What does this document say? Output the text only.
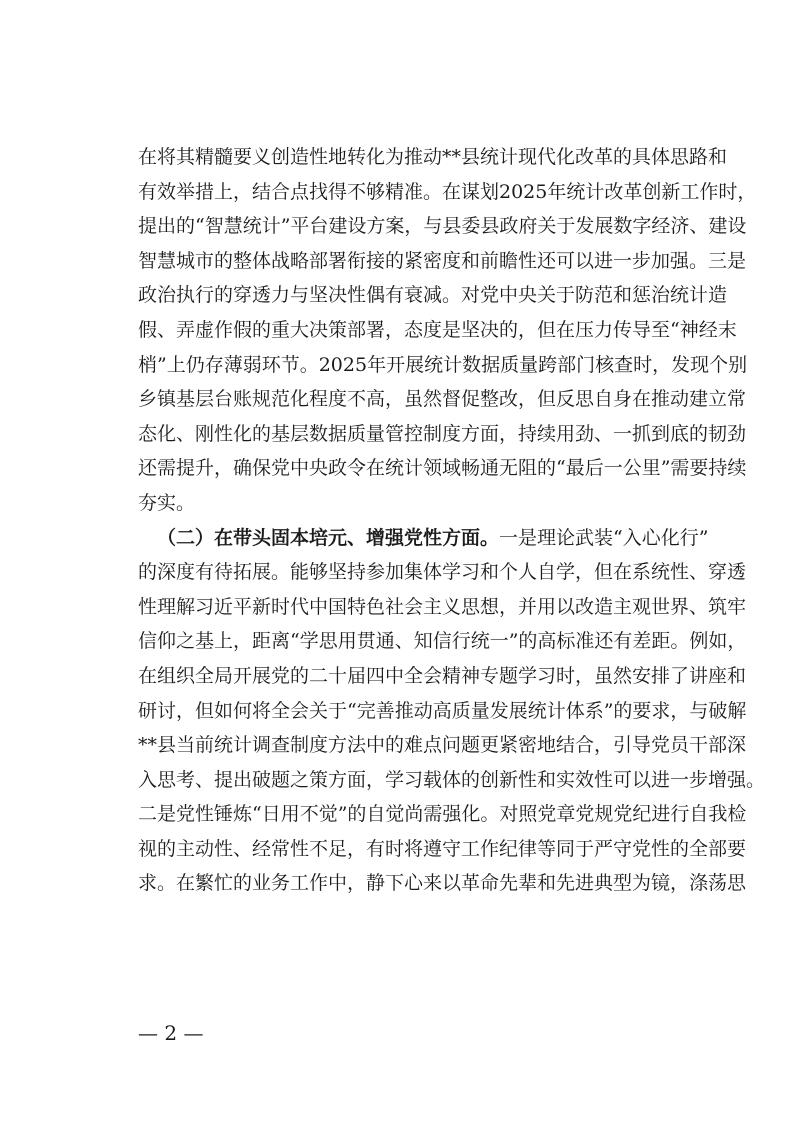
在将其精髓要义创造性地转化为推动**县统计现代化改革的具体思路和
有效举措上，结合点找得不够精准。在谋划2025年统计改革创新工作时，
提出的“智慧统计”平台建设方案，与县委县政府关于发展数字经济、建设
智慧城市的整体战略部署衔接的紧密度和前瞻性还可以进一步加强。三是
政治执行的穿透力与坚决性偶有衰减。对党中央关于防范和惩治统计造
假、弄虚作假的重大决策部署，态度是坚决的，但在压力传导至“神经末
梢”上仍存薄弱环节。2025年开展统计数据质量跨部门核查时，发现个别
乡镇基层台账规范化程度不高，虽然督促整改，但反思自身在推动建立常
态化、刚性化的基层数据质量管控制度方面，持续用劲、一抓到底的韧劲
还需提升，确保党中央政令在统计领域畅通无阻的“最后一公里”需要持续
夯实。
（二）在带头固本培元、增强党性方面。一是理论武装“入心化行”
的深度有待拓展。能够坚持参加集体学习和个人自学，但在系统性、穿透
性理解习近平新时代中国特色社会主义思想，并用以改造主观世界、筑牢
信仰之基上，距离“学思用贯通、知信行统一”的高标准还有差距。例如，
在组织全局开展党的二十届四中全会精神专题学习时，虽然安排了讲座和
研讨，但如何将全会关于“完善推动高质量发展统计体系”的要求，与破解
**县当前统计调查制度方法中的难点问题更紧密地结合，引导党员干部深
入思考、提出破题之策方面，学习载体的创新性和实效性可以进一步增强。
二是党性锤炼“日用不觉”的自觉尚需强化。对照党章党规党纪进行自我检
视的主动性、经常性不足，有时将遵守工作纪律等同于严守党性的全部要
求。在繁忙的业务工作中，静下心来以革命先辈和先进典型为镜，涤荡思
— 2 —
